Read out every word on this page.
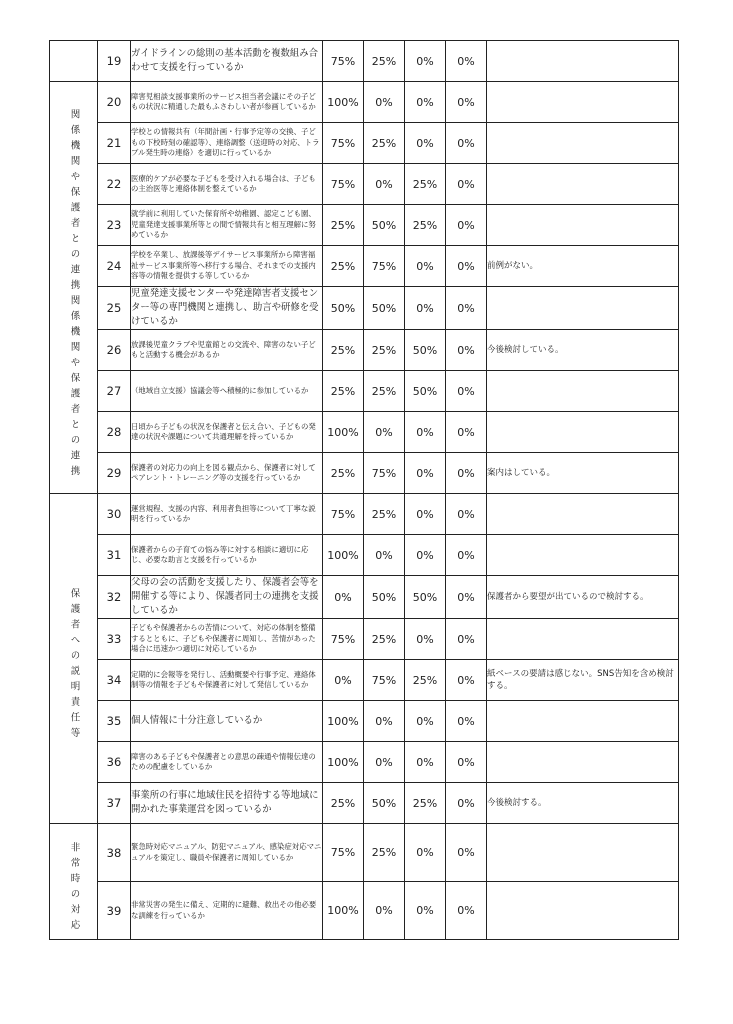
	19	ガイドラインの総則の基本活動を複数組み合わせて支援を行っているか	75%	25%	0%	0%	
関係機関や保護者との連携関係機関や保護者との連携	20	障害児相談支援事業所のサービス担当者会議にその子どもの状況に精通した最もふさわしい者が参画しているか	100%	0%	0%	0%	
	21	学校との情報共有（年間計画・行事予定等の交換、子どもの下校時刻の確認等）、連絡調整（送迎時の対応、トラブル発生時の連絡）を適切に行っているか	75%	25%	0%	0%	
	22	医療的ケアが必要な子どもを受け入れる場合は、子どもの主治医等と連絡体制を整えているか	75%	0%	25%	0%	
	23	就学前に利用していた保育所や幼稚園、認定こども園、児童発達支援事業所等との間で情報共有と相互理解に努めているか	25%	50%	25%	0%	
	24	学校を卒業し、放課後等デイサービス事業所から障害福祉サービス事業所等へ移行する場合、それまでの支援内容等の情報を提供する等しているか	25%	75%	0%	0%	前例がない。
	25	児童発達支援センターや発達障害者支援センター等の専門機関と連携し、助言や研修を受けているか	50%	50%	0%	0%	
	26	放課後児童クラブや児童館との交流や、障害のない子どもと活動する機会があるか	25%	25%	50%	0%	今後検討している。
	27	（地域自立支援）協議会等へ積極的に参加しているか	25%	25%	50%	0%	
	28	日頃から子どもの状況を保護者と伝え合い、子どもの発達の状況や課題について共通理解を持っているか	100%	0%	0%	0%	
	29	保護者の対応力の向上を図る観点から、保護者に対してペアレント・トレーニング等の支援を行っているか	25%	75%	0%	0%	案内はしている。
保護者への説明責任等	30	運営規程、支援の内容、利用者負担等について丁寧な説明を行っているか	75%	25%	0%	0%	
	31	保護者からの子育ての悩み等に対する相談に適切に応じ、必要な助言と支援を行っているか	100%	0%	0%	0%	
	32	父母の会の活動を支援したり、保護者会等を開催する等により、保護者同士の連携を支援しているか	0%	50%	50%	0%	保護者から要望が出ているので検討する。
	33	子どもや保護者からの苦情について、対応の体制を整備するとともに、子どもや保護者に周知し、苦情があった場合に迅速かつ適切に対応しているか	75%	25%	0%	0%	
	34	定期的に会報等を発行し、活動概要や行事予定、連絡体制等の情報を子どもや保護者に対して発信しているか	0%	75%	25%	0%	紙ベースの要請は感じない。SNS告知を含め検討する。
	35	個人情報に十分注意しているか	100%	0%	0%	0%	
	36	障害のある子どもや保護者との意思の疎通や情報伝達のための配慮をしているか	100%	0%	0%	0%	
	37	事業所の行事に地域住民を招待する等地域に開かれた事業運営を図っているか	25%	50%	25%	0%	今後検討する。
非常時の対応	38	緊急時対応マニュアル、防犯マニュアル、感染症対応マニュアルを策定し、職員や保護者に周知しているか	75%	25%	0%	0%	
	39	非常災害の発生に備え、定期的に避難、救出その他必要な訓練を行っているか	100%	0%	0%	0%	
